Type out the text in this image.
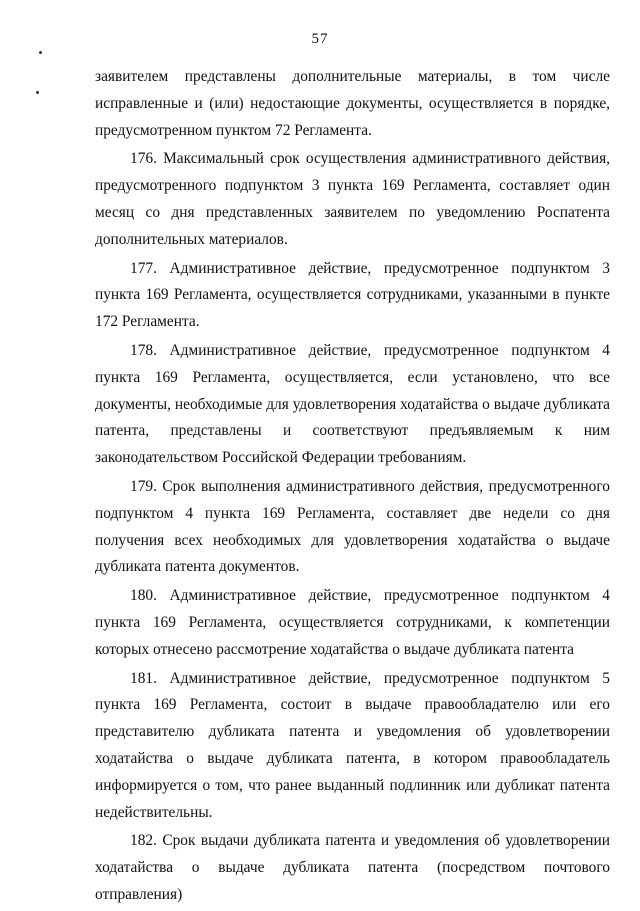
57

заявителем представлены дополнительные материалы, в том числе исправленные и (или) недостающие документы, осуществляется в порядке, предусмотренном пунктом 72 Регламента.

176. Максимальный срок осуществления административного действия, предусмотренного подпунктом 3 пункта 169 Регламента, составляет один месяц со дня представленных заявителем по уведомлению Роспатента дополнительных материалов.

177. Административное действие, предусмотренное подпунктом 3 пункта 169 Регламента, осуществляется сотрудниками, указанными в пункте 172 Регламента.

178. Административное действие, предусмотренное подпунктом 4 пункта 169 Регламента, осуществляется, если установлено, что все документы, необходимые для удовлетворения ходатайства о выдаче дубликата патента, представлены и соответствуют предъявляемым к ним законодательством Российской Федерации требованиям.

179. Срок выполнения административного действия, предусмотренного подпунктом 4 пункта 169 Регламента, составляет две недели со дня получения всех необходимых для удовлетворения ходатайства о выдаче дубликата патента документов.

180. Административное действие, предусмотренное подпунктом 4 пункта 169 Регламента, осуществляется сотрудниками, к компетенции которых отнесено рассмотрение ходатайства о выдаче дубликата патента

181. Административное действие, предусмотренное подпунктом 5 пункта 169 Регламента, состоит в выдаче правообладателю или его представителю дубликата патента и уведомления об удовлетворении ходатайства о выдаче дубликата патента, в котором правообладатель информируется о том, что ранее выданный подлинник или дубликат патента недействительны.

182. Срок выдачи дубликата патента и уведомления об удовлетворении ходатайства о выдаче дубликата патента (посредством почтового отправления)
